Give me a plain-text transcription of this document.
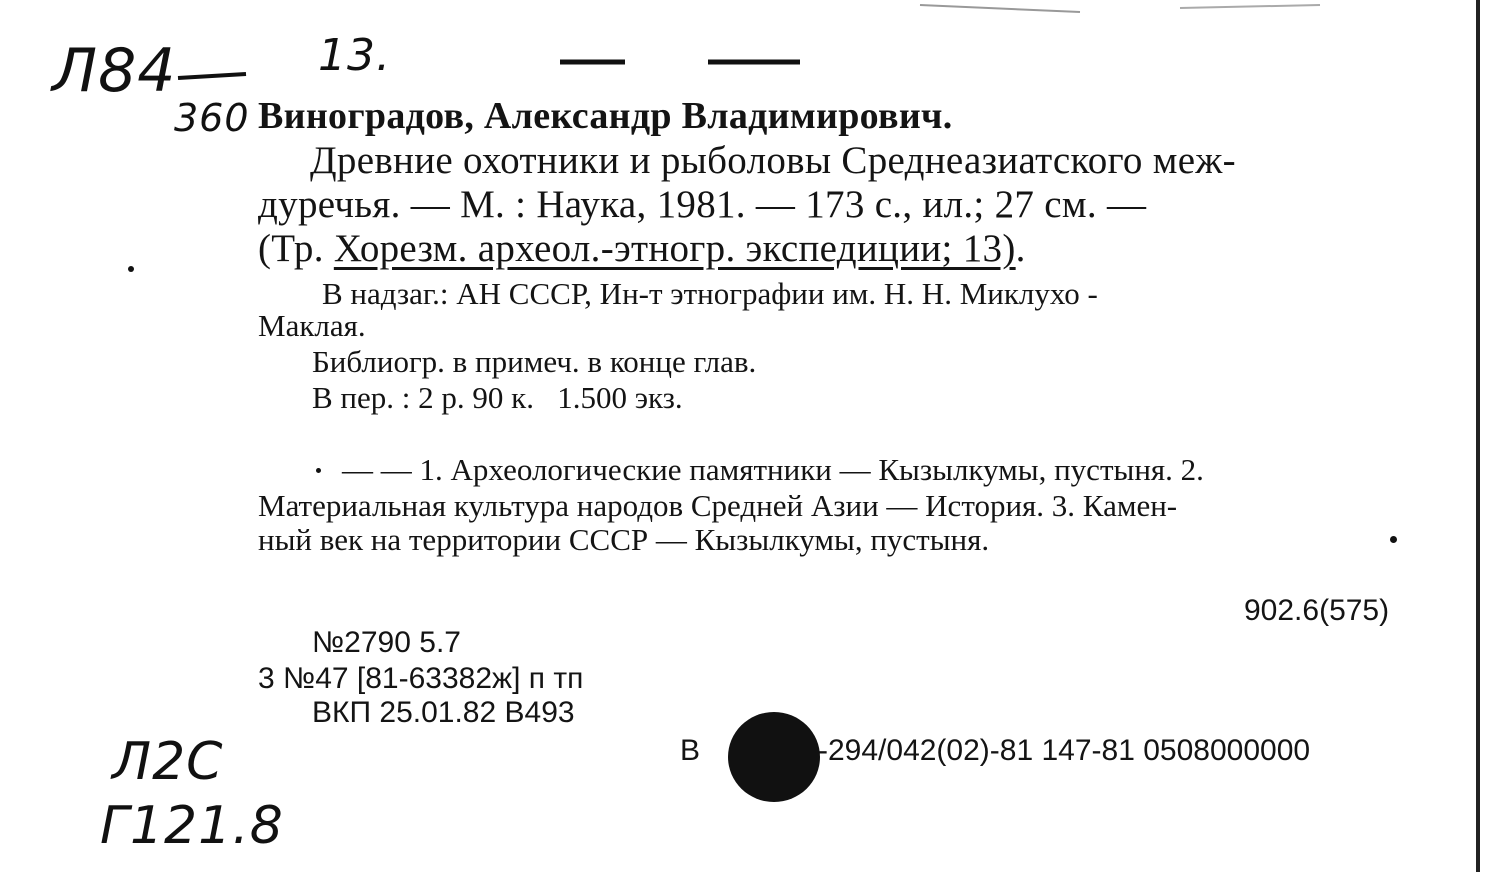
Л84	13.
360
Л2С
Г121.8
Виноградов, Александр Владимирович.
Древние охотники и рыболовы Среднеазиатского меж-
дуречья. — М. : Наука, 1981. — 173 с., ил.; 27 см. —
(Тр. Хорезм. археол.-этногр. экспедиции; 13).
В надзаг.: АН СССР, Ин-т этнографии им. Н. Н. Миклухо -
Маклая.
Библиогр. в примеч. в конце глав.
В пер. : 2 р. 90 к.   1.500 экз.
— — 1. Археологические памятники — Кызылкумы, пустыня. 2.
Материальная культура народов Средней Азии — История. 3. Камен-
ный век на территории СССР — Кызылкумы, пустыня.
902.6(575)
№2790 5.7
3 №47 [81-63382ж] п тп
ВКП 25.01.82 В493
В	-294/042(02)-81 147-81 0508000000
